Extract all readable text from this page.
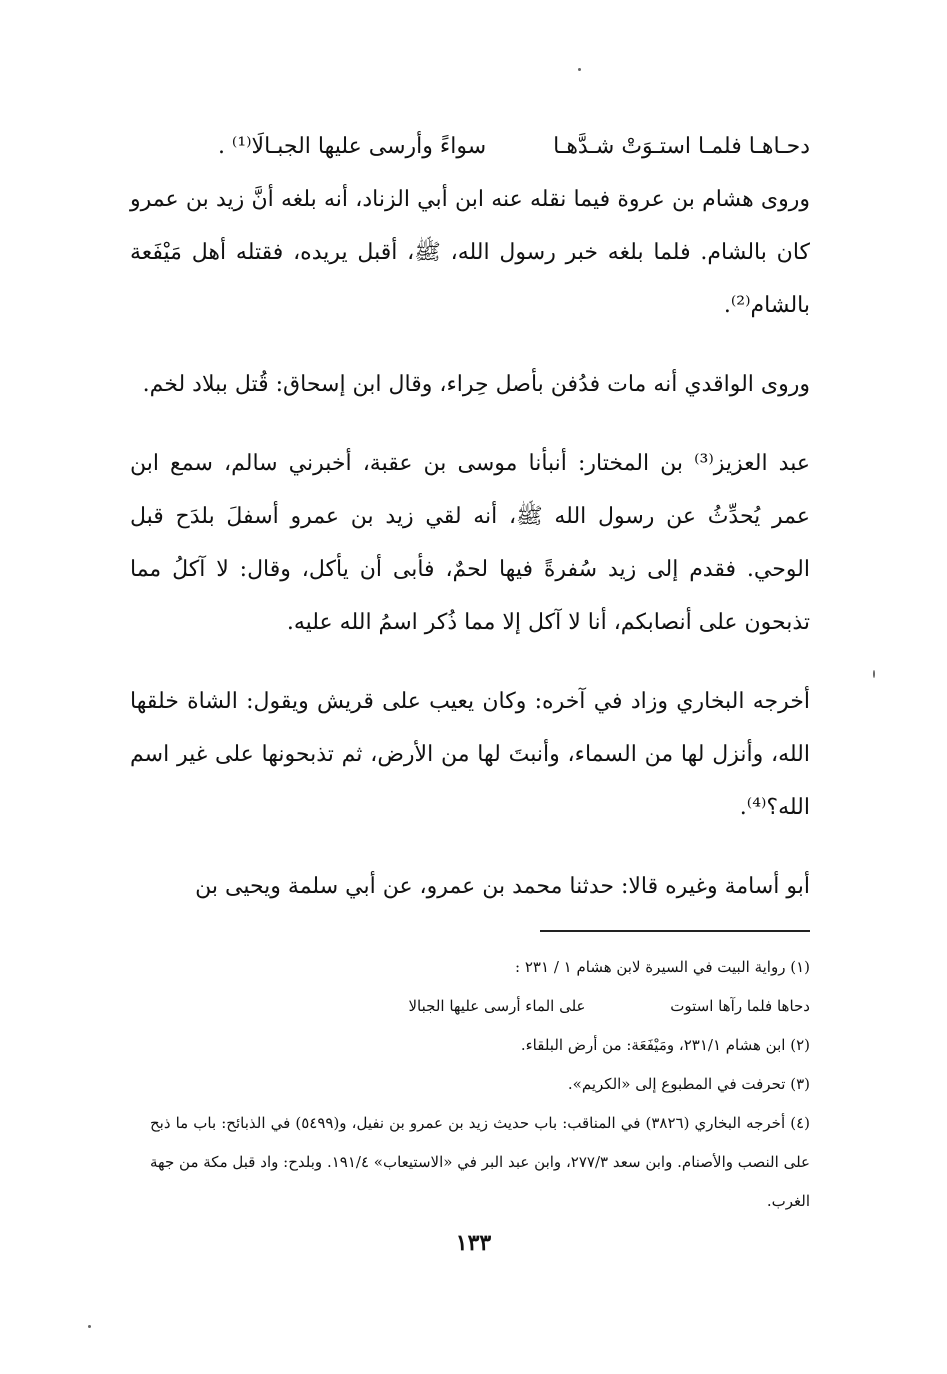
دحـاهـا فلمـا استـوَتْ شـدَّهـا سواءً وأرسى عليها الجبـالَا⁽¹⁾ .

وروى هشام بن عروة فيما نقله عنه ابن أبي الزناد، أنه بلغه أنَّ زيد بن عمرو كان بالشام. فلما بلغه خبر رسول الله، ﷺ، أقبل يريده، فقتله أهل مَيْفَعة بالشام⁽²⁾.

وروى الواقدي أنه مات فدُفن بأصل حِراء، وقال ابن إسحاق: قُتل ببلاد لخم.

عبد العزيز⁽³⁾ بن المختار: أنبأنا موسى بن عقبة، أخبرني سالم، سمع ابن عمر يُحدِّثُ عن رسول الله ﷺ، أنه لقي زيد بن عمرو أسفلَ بلدَح قبل الوحي. فقدم إلى زيد سُفرةً فيها لحمٌ، فأبى أن يأكل، وقال: لا آكلُ مما تذبحون على أنصابكم، أنا لا آكل إلا مما ذُكر اسمُ الله عليه.

أخرجه البخاري وزاد في آخره: وكان يعيب على قريش ويقول: الشاة خلقها الله، وأنزل لها من السماء، وأنبتَ لها من الأرض، ثم تذبحونها على غير اسم الله؟⁽⁴⁾.

أبو أسامة وغيره قالا: حدثنا محمد بن عمرو، عن أبي سلمة ويحيى بن

(١) رواية البيت في السيرة لابن هشام ١ / ٢٣١ :

دحاها فلما رآها استوت على الماء أرسى عليها الجبالا

(٢) ابن هشام ٢٣١/١، ومَيْفَعَة: من أرض البلقاء.

(٣) تحرفت في المطبوع إلى «الكريم».

(٤) أخرجه البخاري (٣٨٢٦) في المناقب: باب حديث زيد بن عمرو بن نفيل، و(٥٤٩٩) في الذبائح: باب ما ذبح على النصب والأصنام. وابن سعد ٢٧٧/٣، وابن عبد البر في «الاستيعاب» ١٩١/٤. وبلدح: واد قبل مكة من جهة الغرب.

١٣٣
